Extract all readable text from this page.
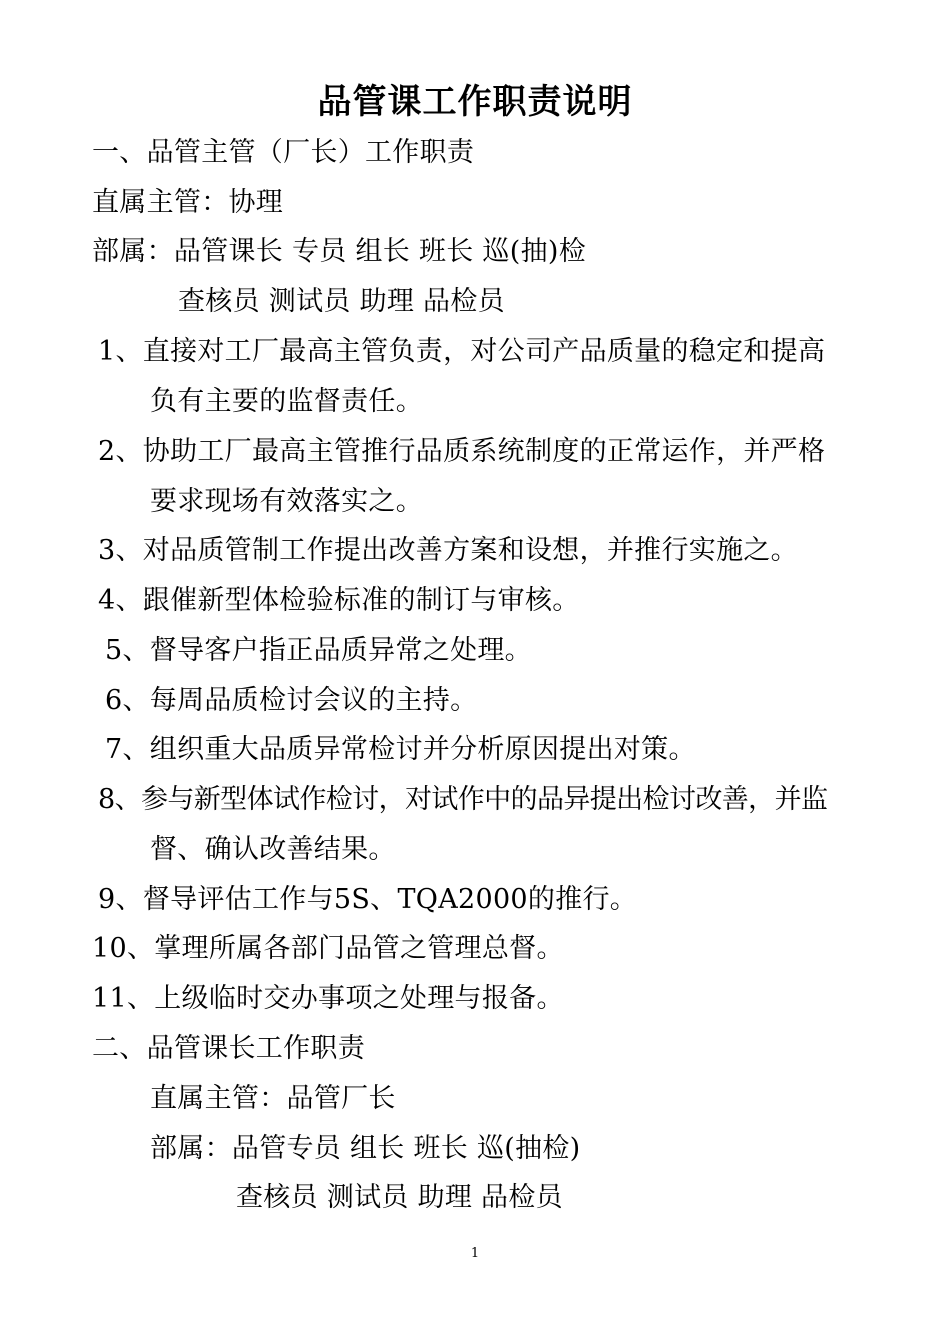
品管课工作职责说明
一、品管主管（厂长）工作职责
直属主管：协理
部属：品管课长 专员 组长 班长 巡(抽)检
查核员 测试员 助理 品检员
1、直接对工厂最高主管负责，对公司产品质量的稳定和提高
负有主要的监督责任。
2、协助工厂最高主管推行品质系统制度的正常运作，并严格
要求现场有效落实之。
3、对品质管制工作提出改善方案和设想，并推行实施之。
4、跟催新型体检验标准的制订与审核。
5、督导客户指正品质异常之处理。
6、每周品质检讨会议的主持。
7、组织重大品质异常检讨并分析原因提出对策。
8、参与新型体试作检讨，对试作中的品异提出检讨改善，并监
督、确认改善结果。
9、督导评估工作与5S、TQA2000的推行。
10、掌理所属各部门品管之管理总督。
11、上级临时交办事项之处理与报备。
二、品管课长工作职责
直属主管：品管厂长
部属：品管专员 组长 班长 巡(抽检)
查核员 测试员 助理 品检员
1
